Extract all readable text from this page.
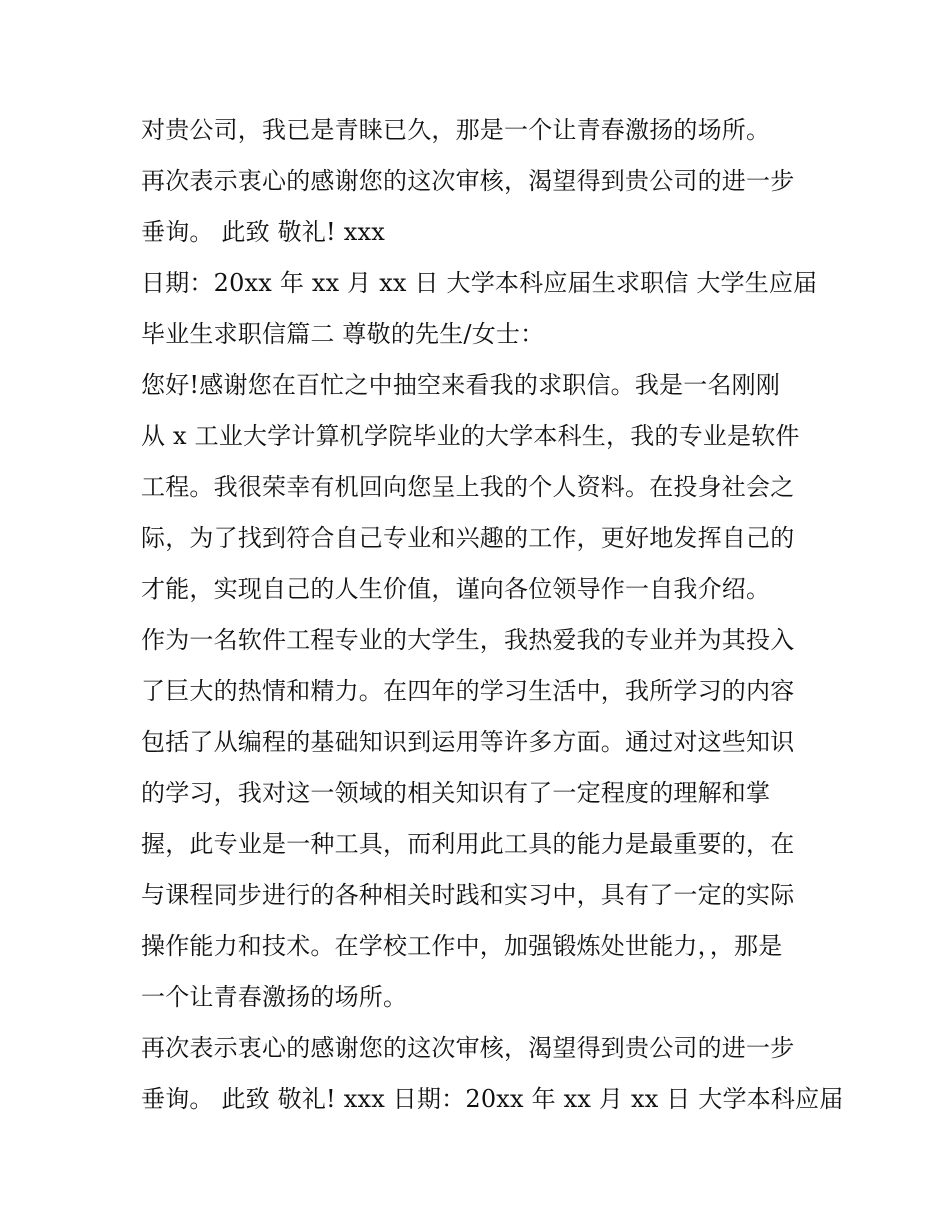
对贵公司，我已是青睐已久，那是一个让青春激扬的场所。
再次表示衷心的感谢您的这次审核，渴望得到贵公司的进一步
垂询。 此致 敬礼! xxx
日期：20xx 年 xx 月 xx 日 大学本科应届生求职信 大学生应届
毕业生求职信篇二 尊敬的先生/女士：
您好!感谢您在百忙之中抽空来看我的求职信。我是一名刚刚
从 x 工业大学计算机学院毕业的大学本科生，我的专业是软件
工程。我很荣幸有机回向您呈上我的个人资料。在投身社会之
际，为了找到符合自己专业和兴趣的工作，更好地发挥自己的
才能，实现自己的人生价值，谨向各位领导作一自我介绍。
作为一名软件工程专业的大学生，我热爱我的专业并为其投入
了巨大的热情和精力。在四年的学习生活中，我所学习的内容
包括了从编程的基础知识到运用等许多方面。通过对这些知识
的学习，我对这一领域的相关知识有了一定程度的理解和掌
握，此专业是一种工具，而利用此工具的能力是最重要的，在
与课程同步进行的各种相关时践和实习中，具有了一定的实际
操作能力和技术。在学校工作中，加强锻炼处世能力，，那是
一个让青春激扬的场所。
再次表示衷心的感谢您的这次审核，渴望得到贵公司的进一步
垂询。 此致 敬礼! xxx 日期：20xx 年 xx 月 xx 日 大学本科应届
